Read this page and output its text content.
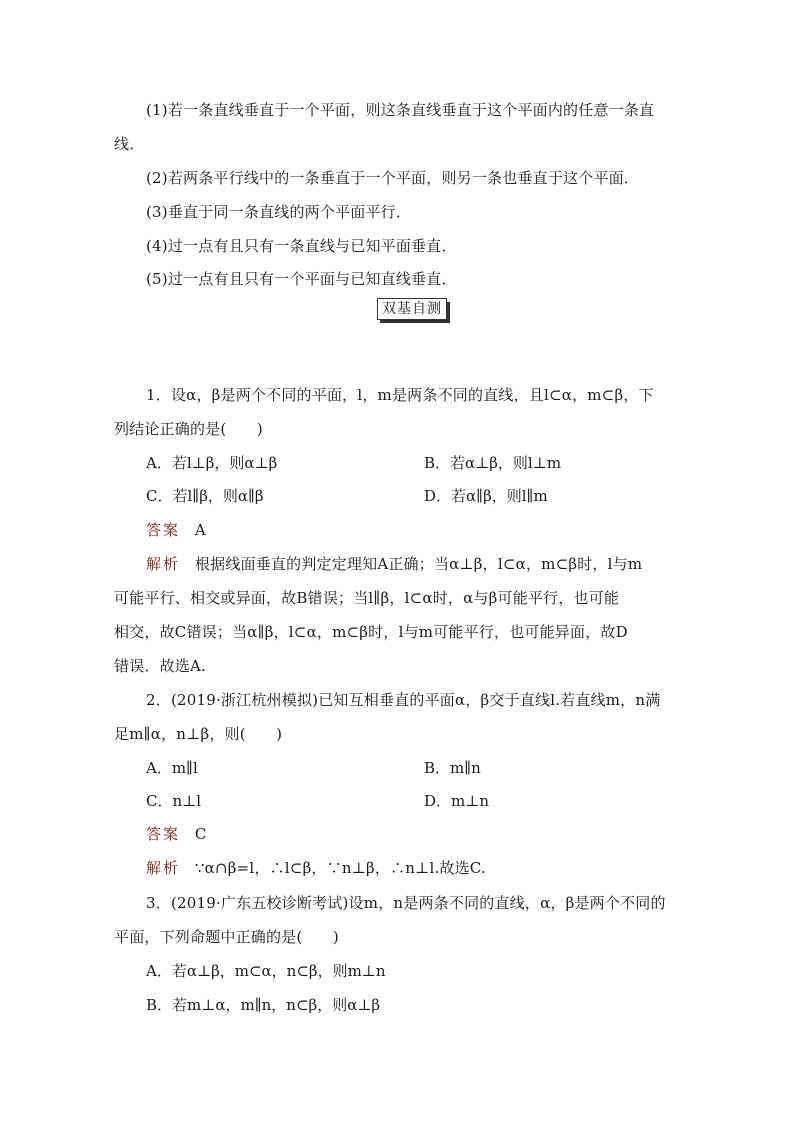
(1)若一条直线垂直于一个平面，则这条直线垂直于这个平面内的任意一条直
线．
(2)若两条平行线中的一条垂直于一个平面，则另一条也垂直于这个平面．
(3)垂直于同一条直线的两个平面平行．
(4)过一点有且只有一条直线与已知平面垂直．
(5)过一点有且只有一个平面与已知直线垂直．
双基自测
1．设α，β是两个不同的平面，l，m是两条不同的直线，且l⊂α，m⊂β，下
列结论正确的是(　　)
A．若l⊥β，则α⊥β	B．若α⊥β，则l⊥m
C．若l∥β，则α∥β	D．若α∥β，则l∥m
答案 A
解析 根据线面垂直的判定定理知A正确；当α⊥β，l⊂α，m⊂β时，l与m
可能平行、相交或异面，故B错误；当l∥β，l⊂α时，α与β可能平行，也可能
相交，故C错误；当α∥β，l⊂α，m⊂β时，l与m可能平行，也可能异面，故D
错误．故选A.
2．(2019·浙江杭州模拟)已知互相垂直的平面α，β交于直线l.若直线m，n满
足m∥α，n⊥β，则(　　)
A．m∥l	B．m∥n
C．n⊥l	D．m⊥n
答案 C
解析 ∵α∩β=l，∴l⊂β，∵n⊥β，∴n⊥l.故选C.
3．(2019·广东五校诊断考试)设m，n是两条不同的直线，α，β是两个不同的
平面，下列命题中正确的是(　　)
A．若α⊥β，m⊂α，n⊂β，则m⊥n
B．若m⊥α，m∥n，n⊂β，则α⊥β
